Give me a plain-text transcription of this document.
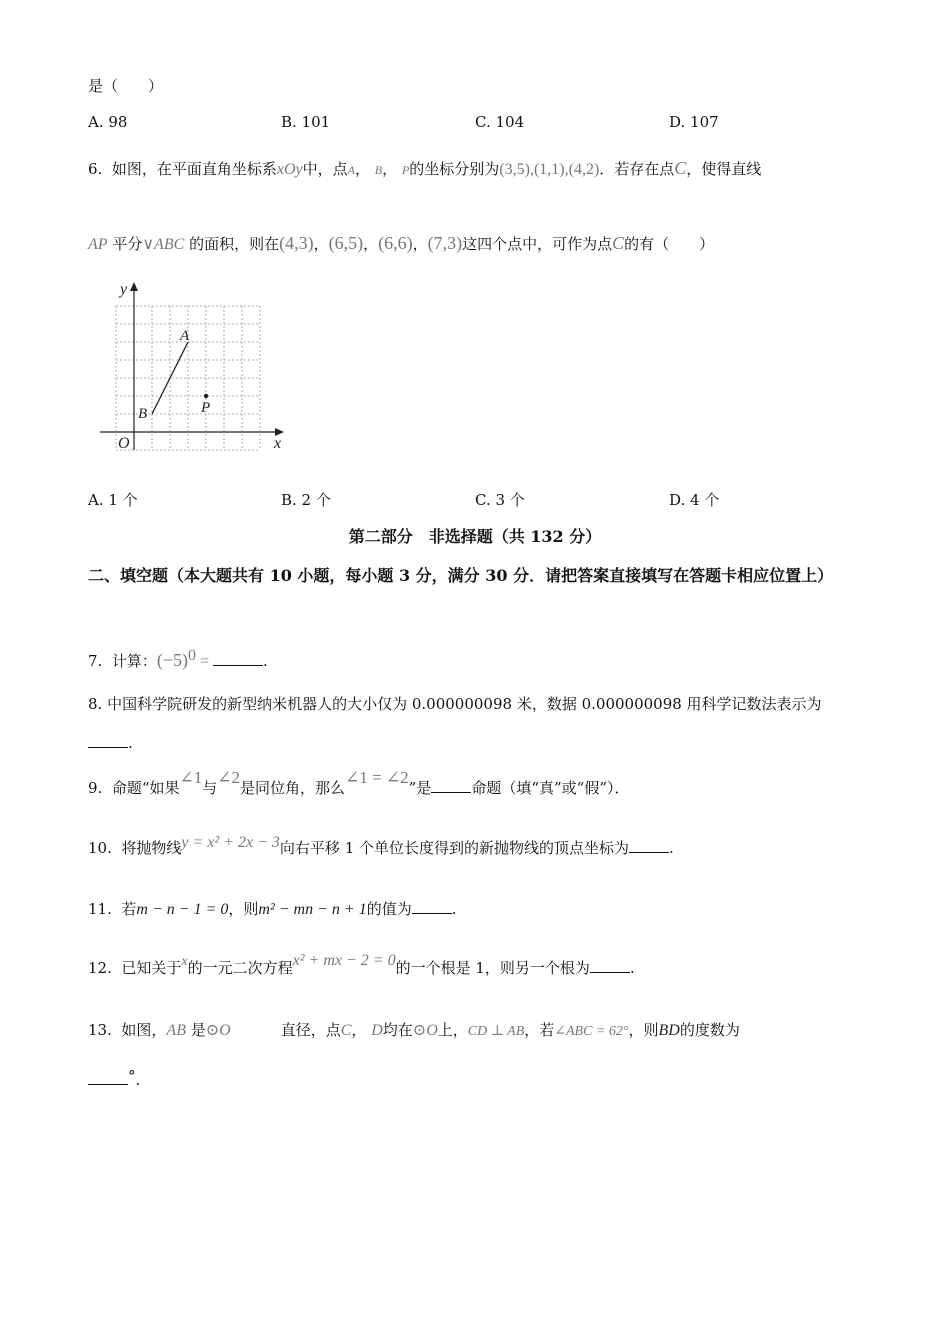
是（　　）
A. 98	B. 101	C. 104	D. 107
6. 如图，在平面直角坐标系xOy中，点A， B， P的坐标分别为(3,5),(1,1),(4,2)．若存在点C，使得直线
AP 平分∨ABC 的面积，则在(4,3)，(6,5)，(6,6)，(7,3)这四个点中，可作为点C的有（　　）
y
x
O
A
B	P
A. 1 个	B. 2 个	C. 3 个	D. 4 个
第二部分　非选择题（共 132 分）
二、填空题（本大题共有 10 小题，每小题 3 分，满分 30 分．请把答案直接填写在答题卡相应位置上）
7. 计算：$(-5)^0$ =	.
8. 中国科学院研发的新型纳米机器人的大小仅为 0.000000098 米，数据 0.000000098 用科学记数法表示为
.
9. 命题“如果∠1与∠2是同位角，那么∠1 = ∠2”是	命题（填“真”或“假”）．
10. 将抛物线y = x² + 2x − 3向右平移 1 个单位长度得到的新抛物线的顶点坐标为	.
11. 若m − n − 1 = 0，则m² − mn − n + 1的值为	.
12. 已知关于x的一元二次方程x² + mx − 2 = 0的一个根是 1，则另一个根为	.
13. 如图，AB 是⊙O	直径，点C， D均在⊙O上，CD ⊥ AB，若∠ABC = 62°，则BD的度数为
°.
